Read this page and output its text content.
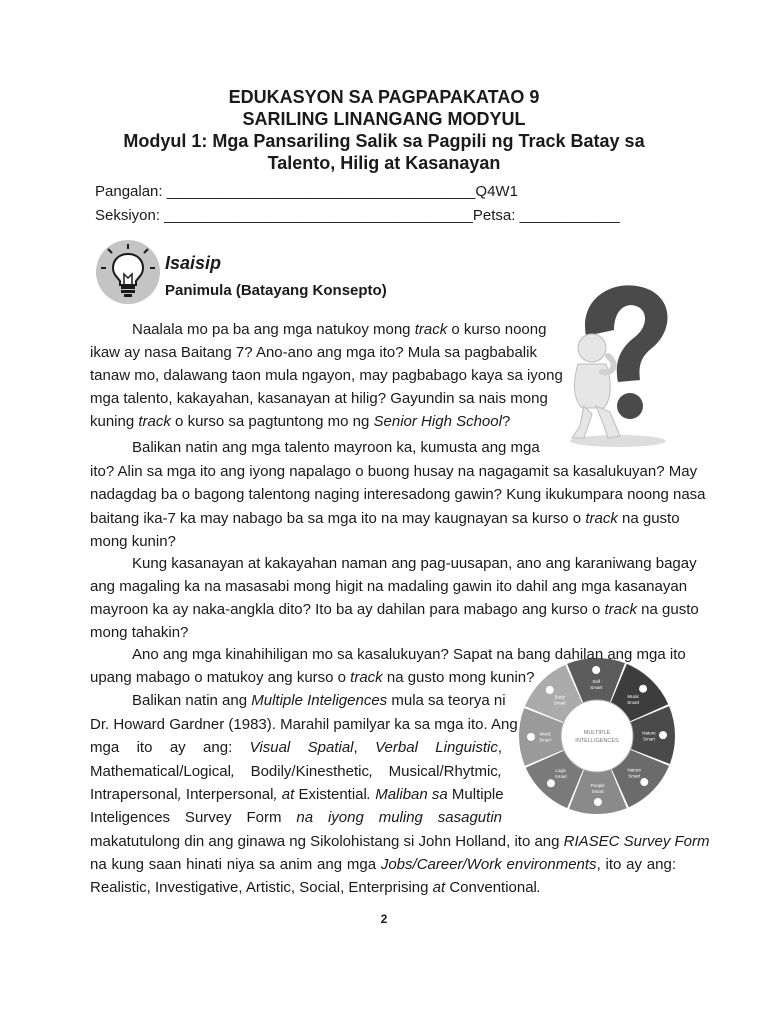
EDUKASYON SA PAGPAPAKATAO 9
SARILING LINANGANG MODYUL
Modyul 1: Mga Pansariling Salik sa Pagpili ng Track Batay sa
Talento, Hilig at Kasanayan
Pangalan: _____________________________________Q4W1
Seksiyon: _____________________________________Petsa: ____________
Isaisip
Panimula (Batayang Konsepto)
Self
Smart
Music
Smart
Nature
Smart
Nature
Smart
People
Smart
Logic
Smart
Word
Smart
Body
Smart
MULTIPLE
INTELLIGENCES
Naalala mo pa ba ang mga natukoy mong track o kurso noong
ikaw ay nasa Baitang 7? Ano-ano ang mga ito? Mula sa pagbabalik
tanaw mo, dalawang taon mula ngayon, may pagbabago kaya sa iyong
mga talento, kakayahan, kasanayan at hilig? Gayundin sa nais mong
kuning track o kurso sa pagtuntong mo ng Senior High School?
Balikan natin ang mga talento mayroon ka, kumusta ang mga
ito? Alin sa mga ito ang iyong napalago o buong husay na nagagamit sa kasalukuyan? May
nadagdag ba o bagong talentong naging interesadong gawin? Kung ikukumpara noong nasa
baitang ika-7 ka may nabago ba sa mga ito na may kaugnayan sa kurso o track na gusto
mong kunin?
Kung kasanayan at kakayahan naman ang pag-uusapan, ano ang karaniwang bagay
ang magaling ka na masasabi mong higit na madaling gawin ito dahil ang mga kasanayan
mayroon ka ay naka-angkla dito? Ito ba ay dahilan para mabago ang kurso o track na gusto
mong tahakin?
Ano ang mga kinahihiligan mo sa kasalukuyan? Sapat na bang dahilan ang mga ito
upang mabago o matukoy ang kurso o track na gusto mong kunin?
Balikan natin ang Multiple Inteligences mula sa teorya ni
Dr. Howard Gardner (1983). Marahil pamilyar ka sa mga ito. Ang
mga ito ay ang: Visual Spatial, Verbal Linguistic,
Mathematical/Logical, Bodily/Kinesthetic, Musical/Rhytmic,
Intrapersonal, Interpersonal, at Existential. Maliban sa Multiple
Inteligences Survey Form na iyong muling sasagutin
makatutulong din ang ginawa ng Sikolohistang si John Holland, ito ang RIASEC Survey Form
na kung saan hinati niya sa anim ang mga Jobs/Career/Work environments, ito ay ang:
Realistic, Investigative, Artistic, Social, Enterprising at Conventional.
2
